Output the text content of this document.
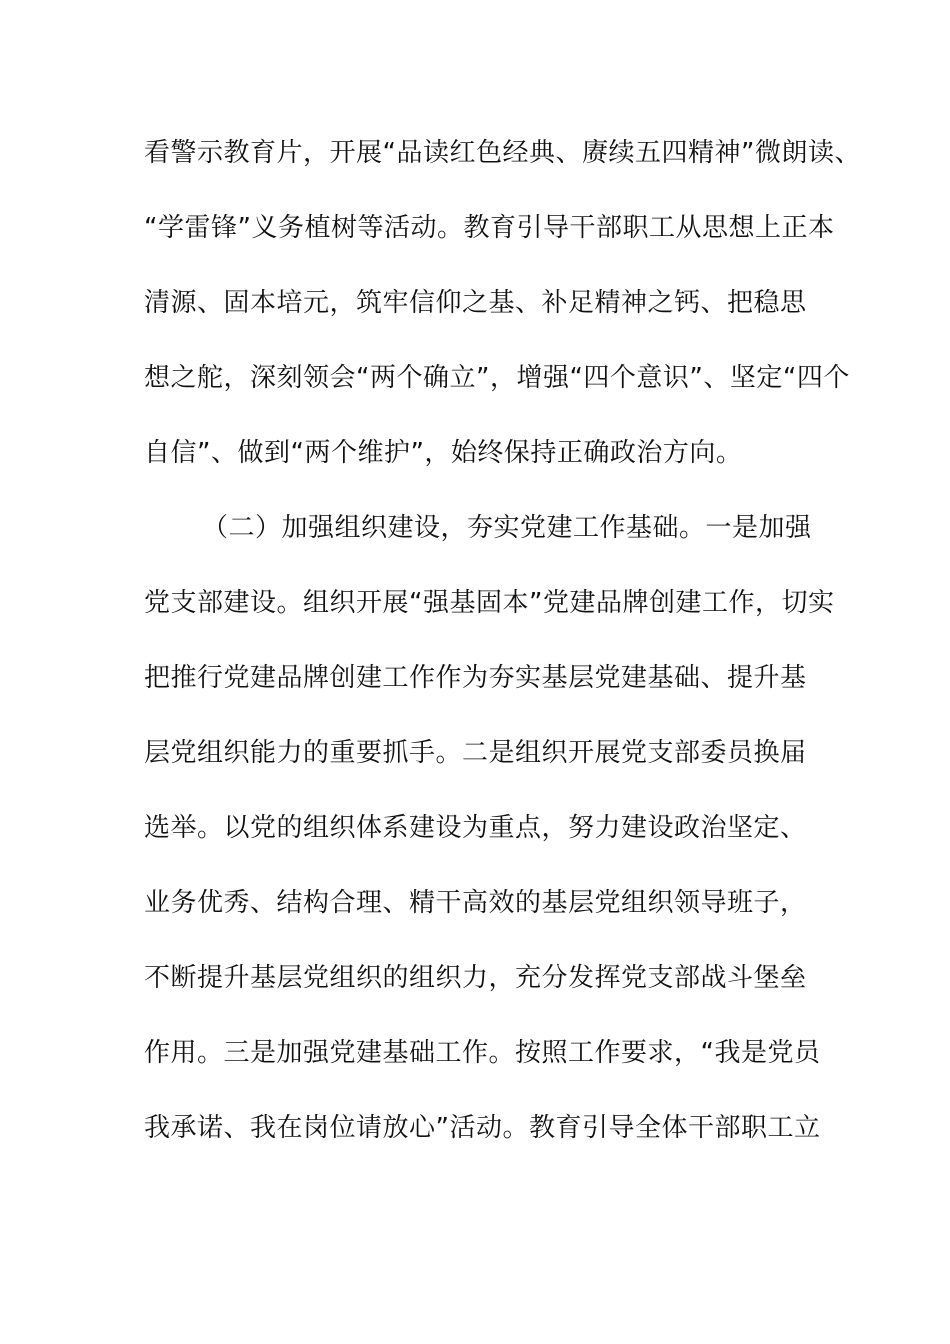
看警示教育片，开展“品读红色经典、赓续五四精神”微朗读、
“学雷锋”义务植树等活动。教育引导干部职工从思想上正本
清源、固本培元，筑牢信仰之基、补足精神之钙、把稳思
想之舵，深刻领会“两个确立”，增强“四个意识”、坚定“四个
自信”、做到“两个维护”，始终保持正确政治方向。
（二）加强组织建设，夯实党建工作基础。一是加强
党支部建设。组织开展“强基固本”党建品牌创建工作，切实
把推行党建品牌创建工作作为夯实基层党建基础、提升基
层党组织能力的重要抓手。二是组织开展党支部委员换届
选举。以党的组织体系建设为重点，努力建设政治坚定、
业务优秀、结构合理、精干高效的基层党组织领导班子，
不断提升基层党组织的组织力，充分发挥党支部战斗堡垒
作用。三是加强党建基础工作。按照工作要求，“我是党员
我承诺、我在岗位请放心”活动。教育引导全体干部职工立
